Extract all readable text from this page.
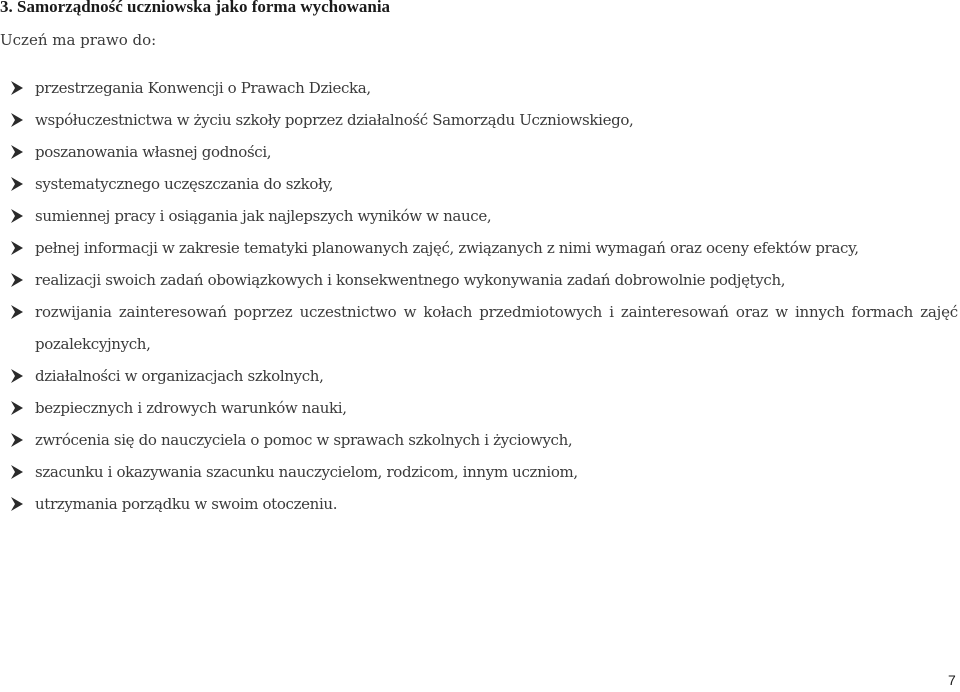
3. Samorządność uczniowska jako forma wychowania
Uczeń ma prawo do:
przestrzegania Konwencji o Prawach Dziecka,
współuczestnictwa w życiu szkoły poprzez działalność Samorządu Uczniowskiego,
poszanowania własnej godności,
systematycznego uczęszczania do szkoły,
sumiennej pracy i osiągania jak najlepszych wyników w nauce,
pełnej informacji w zakresie tematyki planowanych zajęć, związanych z nimi wymagań oraz oceny efektów pracy,
realizacji swoich zadań obowiązkowych i konsekwentnego wykonywania zadań dobrowolnie podjętych,
rozwijania zainteresowań poprzez uczestnictwo w kołach przedmiotowych i zainteresowań oraz w innych formach zajęć
pozalekcyjnych,
działalności w organizacjach szkolnych,
bezpiecznych i zdrowych warunków nauki,
zwrócenia się do nauczyciela o pomoc w sprawach szkolnych i życiowych,
szacunku i okazywania szacunku nauczycielom, rodzicom, innym uczniom,
utrzymania porządku w swoim otoczeniu.
7
